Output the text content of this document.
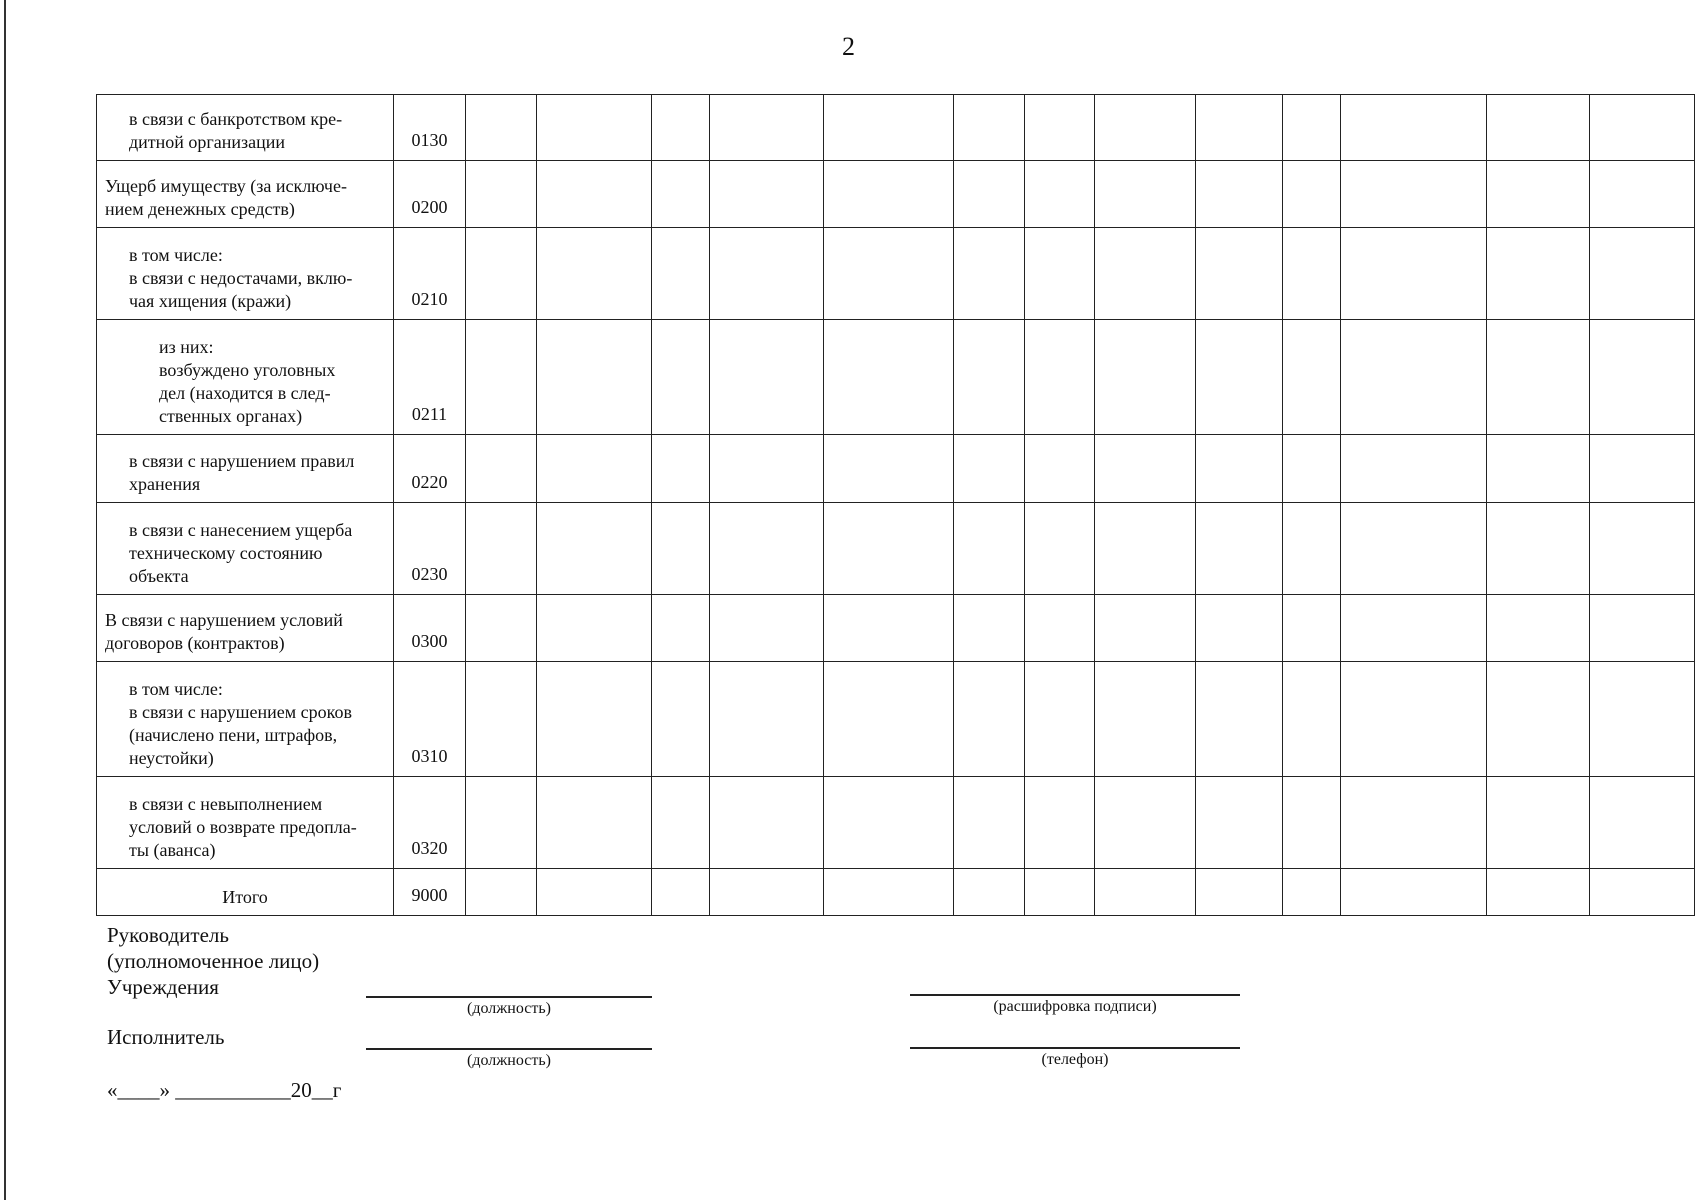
2
в связи с банкротством кре-
дитной организации	0130													

Ущерб имуществу (за исключе-
нием денежных средств)	0200													

в том числе:
в связи с недостачами, вклю-
чая хищения (кражи)	0210													

из них:
возбуждено уголовных
дел (находится в след-
ственных органах)	0211													

в связи с нарушением правил
хранения	0220													

в связи с нанесением ущерба
техническому состоянию
объекта	0230													

В связи с нарушением условий
договоров (контрактов)	0300													

в том числе:
в связи с нарушением сроков
(начислено пени, штрафов,
неустойки)	0310													

в связи с невыполнением
условий о возврате предопла-
ты (аванса)	0320													

Итого	9000													
Руководитель
(уполномоченное лицо)
Учреждения
(должность)	(расшифровка подписи)
Исполнитель
(должность)	(телефон)
«____» ___________20__г
